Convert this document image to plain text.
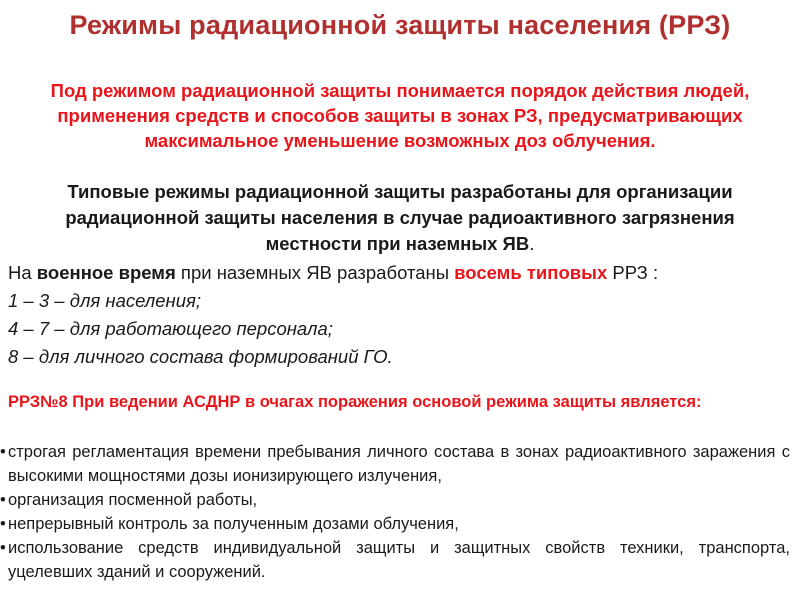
Режимы радиационной защиты населения (РРЗ)
Под режимом радиационной защиты понимается порядок действия людей, применения средств и способов защиты в зонах РЗ, предусматривающих максимальное уменьшение возможных доз облучения.
Типовые режимы радиационной защиты разработаны для организации радиационной защиты населения в случае радиоактивного загрязнения местности при наземных ЯВ.
На военное время при наземных ЯВ разработаны восемь типовых РРЗ :
1 – 3 – для населения;
4 – 7 – для работающего персонала;
8 – для личного состава формирований ГО.
РРЗ№8 При ведении АСДНР в очагах поражения основой режима защиты является:
• строгая регламентация времени пребывания личного состава в зонах радиоактивного заражения с высокими мощностями дозы ионизирующего излучения,
• организация посменной работы,
• непрерывный контроль за полученным дозами облучения,
• использование средств индивидуальной защиты и защитных свойств техники, транспорта, уцелевших зданий и сооружений.
